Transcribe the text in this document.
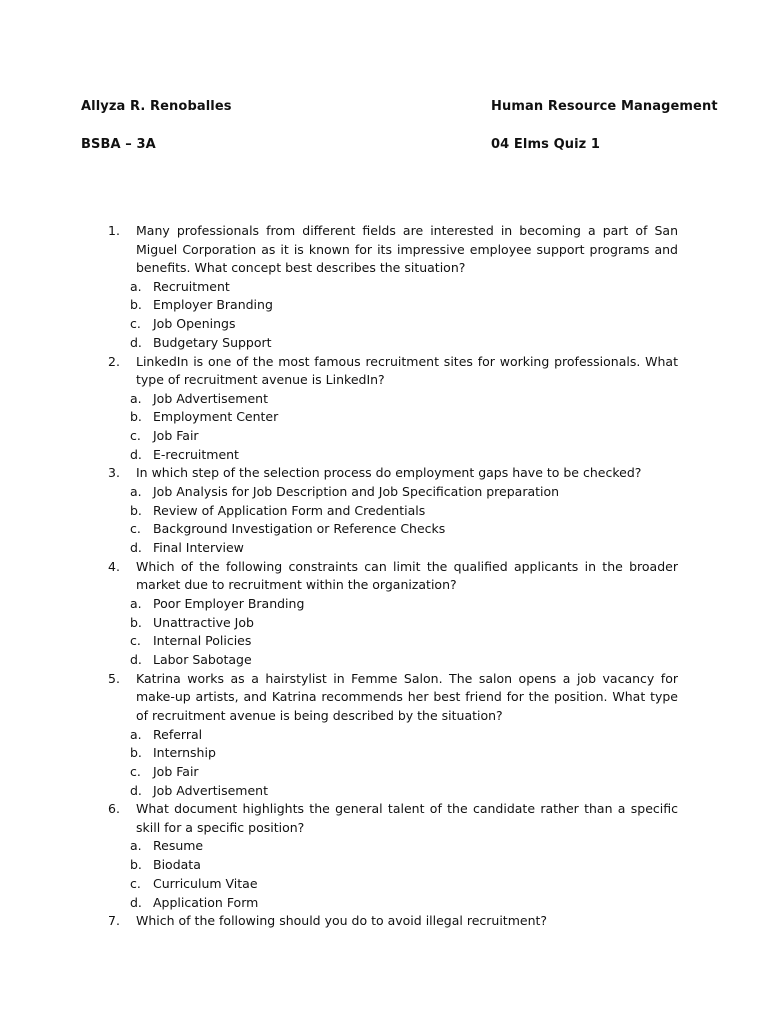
Allyza R. Renoballes	Human Resource Management
BSBA – 3A	04 Elms Quiz 1
1.	Many professionals from different fields are interested in becoming a part of San Miguel Corporation as it is known for its impressive employee support programs and benefits. What concept best describes the situation?
a. Recruitment
b. Employer Branding
c. Job Openings
d. Budgetary Support
2.	LinkedIn is one of the most famous recruitment sites for working professionals. What type of recruitment avenue is LinkedIn?
a. Job Advertisement
b. Employment Center
c. Job Fair
d. E-recruitment
3.	In which step of the selection process do employment gaps have to be checked?
a. Job Analysis for Job Description and Job Specification preparation
b. Review of Application Form and Credentials
c. Background Investigation or Reference Checks
d. Final Interview
4.	Which of the following constraints can limit the qualified applicants in the broader market due to recruitment within the organization?
a. Poor Employer Branding
b. Unattractive Job
c. Internal Policies
d. Labor Sabotage
5.	Katrina works as a hairstylist in Femme Salon. The salon opens a job vacancy for make-up artists, and Katrina recommends her best friend for the position. What type of recruitment avenue is being described by the situation?
a. Referral
b. Internship
c. Job Fair
d. Job Advertisement
6.	What document highlights the general talent of the candidate rather than a specific skill for a specific position?
a. Resume
b. Biodata
c. Curriculum Vitae
d. Application Form
7.	Which of the following should you do to avoid illegal recruitment?
